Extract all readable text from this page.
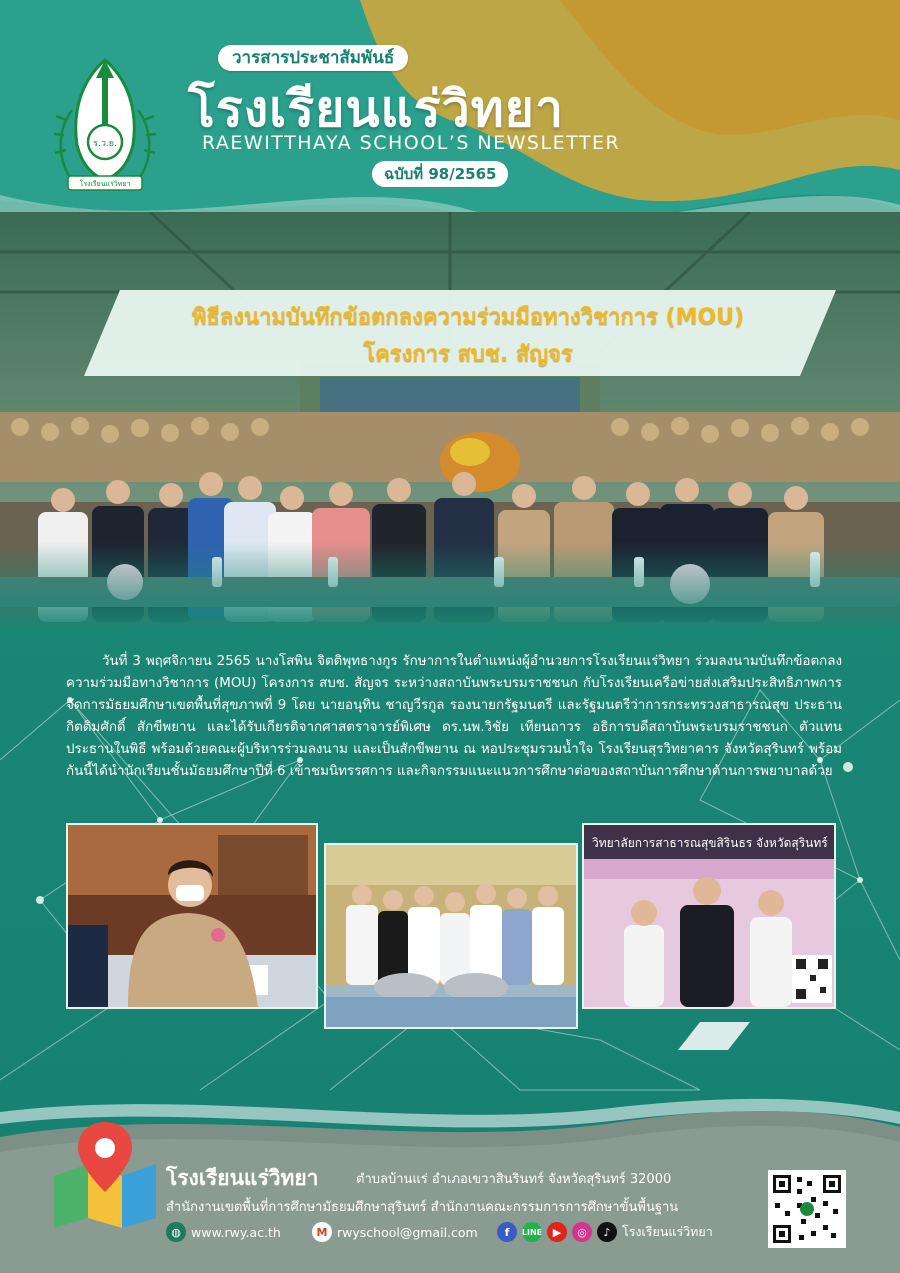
พิธีลงนามบันทึกข้อตกลงความร่วมมือทางวิชาการ (MOU)
โครงการ สบช. สัญจร
ร.ว.ย.
โรงเรียนแร่วิทยา
วารสารประชาสัมพันธ์
โรงเรียนแร่วิทยา
RAEWITTHAYA SCHOOL’S NEWSLETTER
ฉบับที่ 98/2565
วันที่ 3 พฤศจิกายน 2565 นางโสพิน จิตติพุทธางกูร รักษาการในตำแหน่งผู้อำนวยการโรงเรียนแร่วิทยา ร่วมลงนามบันทึกข้อตกลงความร่วมมือทางวิชาการ (MOU) โครงการ สบช. สัญจร ระหว่างสถาบันพระบรมราชชนก กับโรงเรียนเครือข่ายส่งเสริมประสิทธิภาพการจัดการมัธยมศึกษาเขตพื้นที่สุขภาพที่ 9 โดย นายอนุทิน ชาญวีรกูล รองนายกรัฐมนตรี และรัฐมนตรีว่าการกระทรวงสาธารณสุข ประธานกิตติมศักดิ์ สักขีพยาน และได้รับเกียรติจากศาสตราจารย์พิเศษ ดร.นพ.วิชัย เทียนถาวร อธิการบดีสถาบันพระบรมราชชนก ตัวแทนประธานในพิธี พร้อมด้วยคณะผู้บริหารร่วมลงนาม และเป็นสักขีพยาน ณ หอประชุมรวมน้ำใจ โรงเรียนสุรวิทยาคาร จังหวัดสุรินทร์ พร้อมกันนี้ได้นำนักเรียนชั้นมัธยมศึกษาปีที่ 6 เข้าชมนิทรรศการ และกิจกรรมแนะแนวการศึกษาต่อของสถาบันการศึกษาด้านการพยาบาลด้วย
วิทยาลัยการสาธารณสุขสิรินธร จังหวัดสุรินทร์
โรงเรียนแร่วิทยา	ตำบลบ้านแร่ อำเภอเขวาสินรินทร์ จังหวัดสุรินทร์ 32000
สำนักงานเขตพื้นที่การศึกษามัธยมศึกษาสุรินทร์ สำนักงานคณะกรรมการการศึกษาขั้นพื้นฐาน
◍ www.rwy.ac.th	M rwyschool@gmail.com	f	LINE ▶	◎	♪ โรงเรียนแร่วิทยา
